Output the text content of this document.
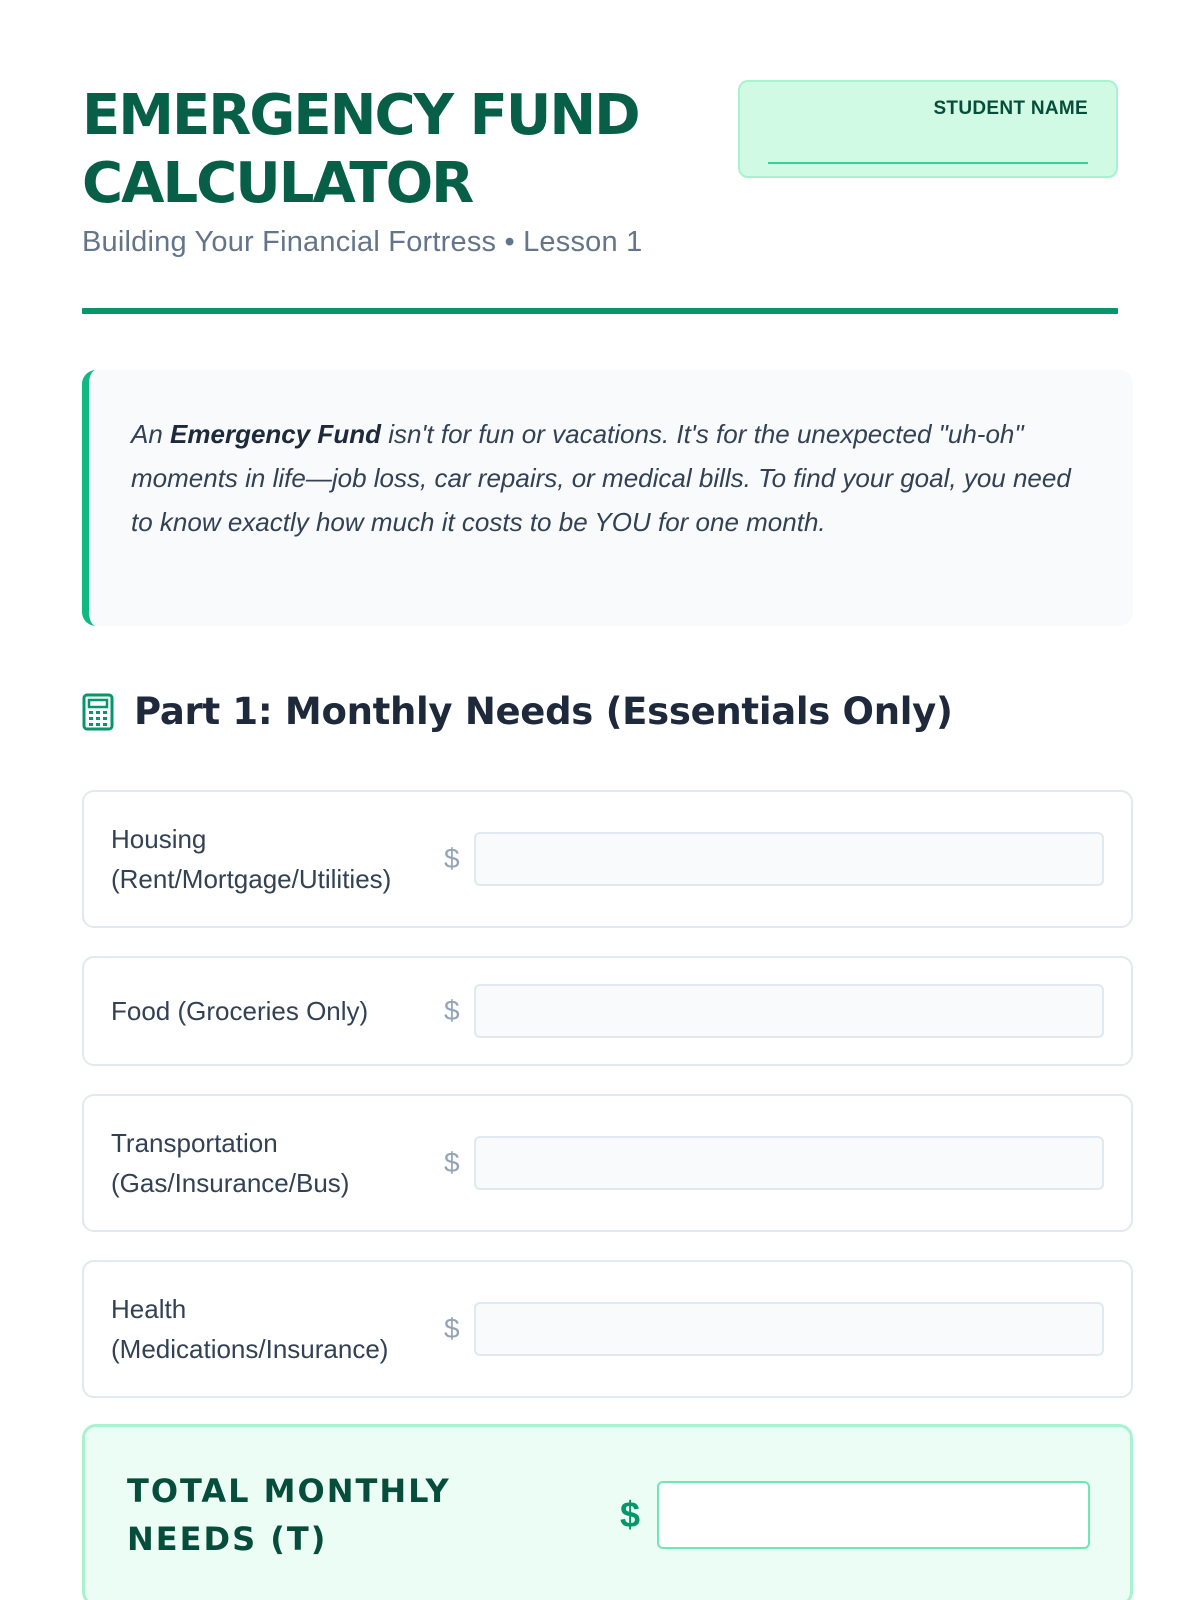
EMERGENCY FUND CALCULATOR
Building Your Financial Fortress • Lesson 1
STUDENT NAME
An Emergency Fund isn't for fun or vacations. It's for the unexpected "uh-oh" moments in life—job loss, car repairs, or medical bills. To find your goal, you need to know exactly how much it costs to be YOU for one month.
Part 1: Monthly Needs (Essentials Only)
Housing (Rent/Mortgage/Utilities)
$
Food (Groceries Only)	$
Transportation (Gas/Insurance/Bus)
$
Health (Medications/Insurance)
$
TOTAL MONTHLY NEEDS (T)
$
